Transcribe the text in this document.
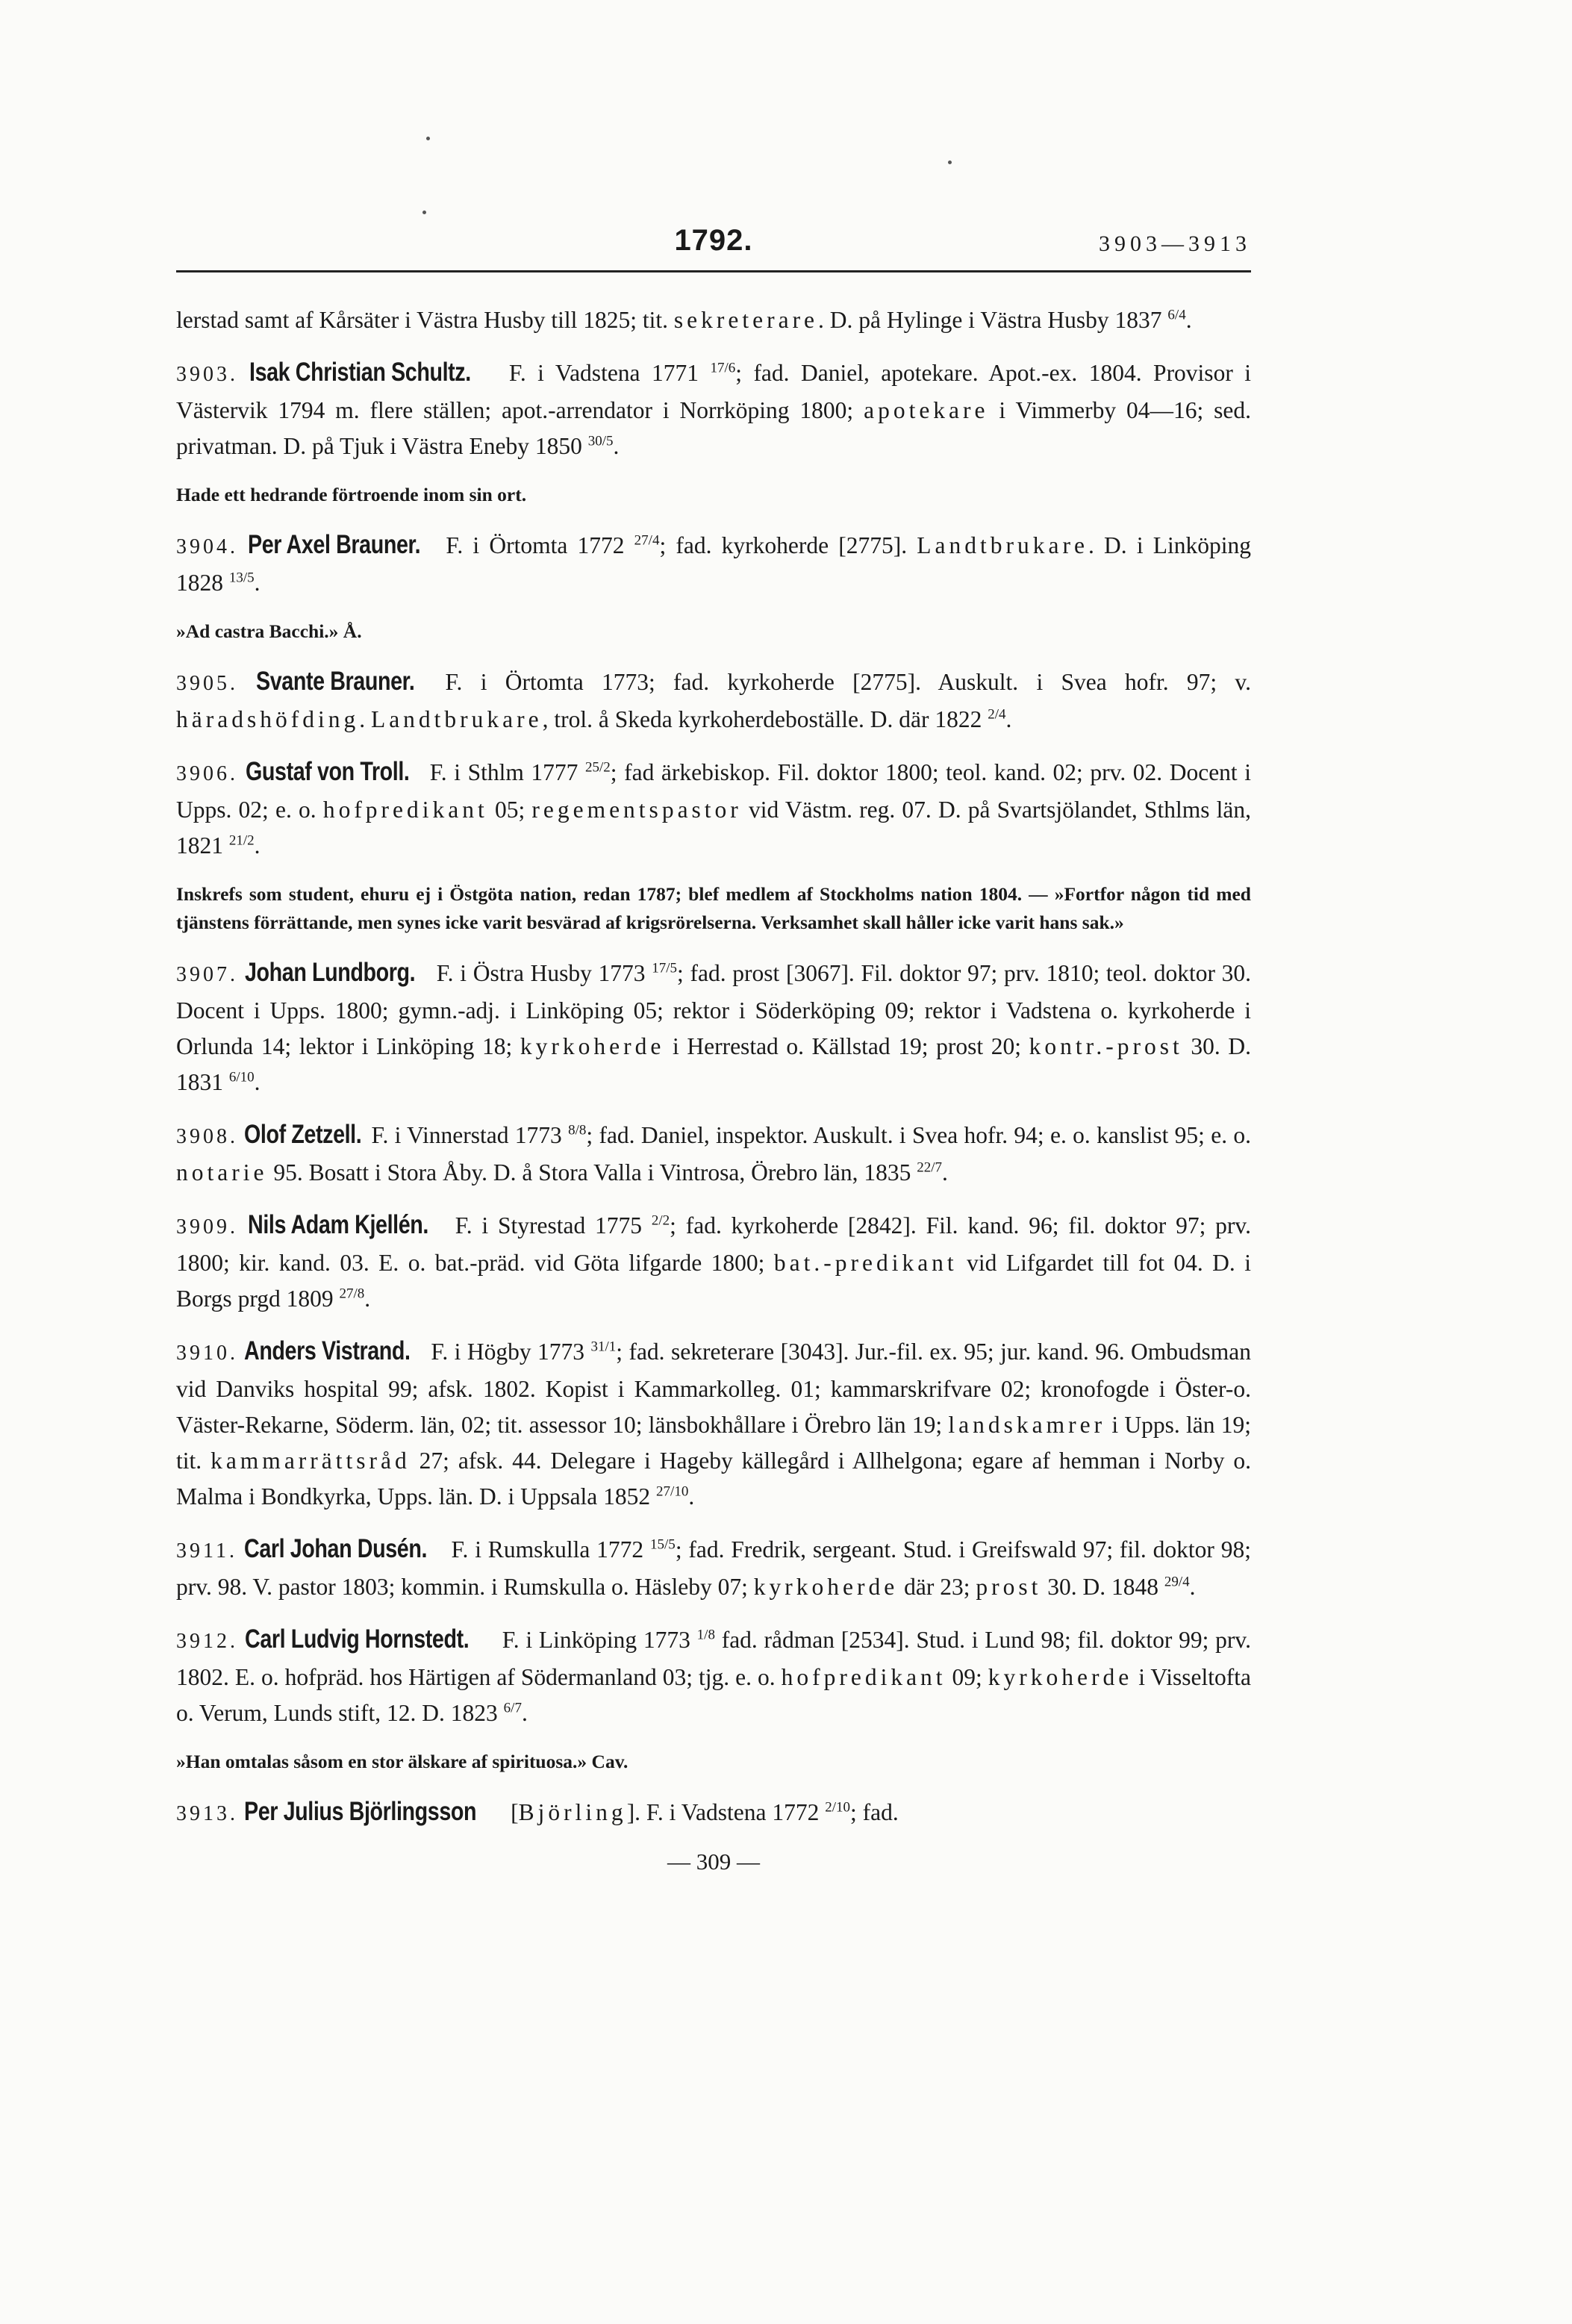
1792.	3903—3913

lerstad samt af Kårsäter i Västra Husby till 1825; tit. sekreterare. D. på Hylinge i Västra Husby 1837 $^{6/4}$.

3903. Isak Christian Schultz. F. i Vadstena 1771 $^{17/6}$; fad. Daniel, apotekare. Apot.-ex. 1804. Provisor i Västervik 1794 m. flere ställen; apot.-arrendator i Norrköping 1800; apotekare i Vimmerby 04—16; sed. privatman. D. på Tjuk i Västra Eneby 1850 $^{30/5}$.

Hade ett hedrande förtroende inom sin ort.

3904. Per Axel Brauner. F. i Örtomta 1772 $^{27/4}$; fad. kyrkoherde [2775]. Landtbrukare. D. i Linköping 1828 $^{13/5}$.

»Ad castra Bacchi.» Å.

3905. Svante Brauner. F. i Örtomta 1773; fad. kyrkoherde [2775]. Auskult. i Svea hofr. 97; v. häradshöfding. Landtbrukare, trol. å Skeda kyrkoherdeboställe. D. där 1822 $^{2/4}$.

3906. Gustaf von Troll. F. i Sthlm 1777 $^{25/2}$; fad ärkebiskop. Fil. doktor 1800; teol. kand. 02; prv. 02. Docent i Upps. 02; e. o. hofpredikant 05; regementspastor vid Västm. reg. 07. D. på Svartsjölandet, Sthlms län, 1821 $^{21/2}$.

Inskrefs som student, ehuru ej i Östgöta nation, redan 1787; blef medlem af Stockholms nation 1804. — »Fortfor någon tid med tjänstens förrättande, men synes icke varit besvärad af krigsrörelserna. Verksamhet skall håller icke varit hans sak.»

3907. Johan Lundborg. F. i Östra Husby 1773 $^{17/5}$; fad. prost [3067]. Fil. doktor 97; prv. 1810; teol. doktor 30. Docent i Upps. 1800; gymn.-adj. i Linköping 05; rektor i Söderköping 09; rektor i Vadstena o. kyrkoherde i Orlunda 14; lektor i Linköping 18; kyrkoherde i Herrestad o. Källstad 19; prost 20; kontr.-prost 30. D. 1831 $^{6/10}$.

3908. Olof Zetzell. F. i Vinnerstad 1773 $^{8/8}$; fad. Daniel, inspektor. Auskult. i Svea hofr. 94; e. o. kanslist 95; e. o. notarie 95. Bosatt i Stora Åby. D. å Stora Valla i Vintrosa, Örebro län, 1835 $^{22/7}$.

3909. Nils Adam Kjellén. F. i Styrestad 1775 $^{2/2}$; fad. kyrkoherde [2842]. Fil. kand. 96; fil. doktor 97; prv. 1800; kir. kand. 03. E. o. bat.-präd. vid Göta lifgarde 1800; bat.-predikant vid Lifgardet till fot 04. D. i Borgs prgd 1809 $^{27/8}$.

3910. Anders Vistrand. F. i Högby 1773 $^{31/1}$; fad. sekreterare [3043]. Jur.-fil. ex. 95; jur. kand. 96. Ombudsman vid Danviks hospital 99; afsk. 1802. Kopist i Kammarkolleg. 01; kammarskrifvare 02; kronofogde i Öster-o. Väster-Rekarne, Söderm. län, 02; tit. assessor 10; länsbokhållare i Örebro län 19; landskamrer i Upps. län 19; tit. kammarrättsråd 27; afsk. 44. Delegare i Hageby källegård i Allhelgona; egare af hemman i Norby o. Malma i Bondkyrka, Upps. län. D. i Uppsala 1852 $^{27/10}$.

3911. Carl Johan Dusén. F. i Rumskulla 1772 $^{15/5}$; fad. Fredrik, sergeant. Stud. i Greifswald 97; fil. doktor 98; prv. 98. V. pastor 1803; kommin. i Rumskulla o. Häsleby 07; kyrkoherde där 23; prost 30. D. 1848 $^{29/4}$.

3912. Carl Ludvig Hornstedt. F. i Linköping 1773 $^{1/8}$ fad. rådman [2534]. Stud. i Lund 98; fil. doktor 99; prv. 1802. E. o. hofpräd. hos Härtigen af Södermanland 03; tjg. e. o. hofpredikant 09; kyrkoherde i Visseltofta o. Verum, Lunds stift, 12. D. 1823 $^{6/7}$.

»Han omtalas såsom en stor älskare af spirituosa.» Cav.

3913. Per Julius Björlingsson [Björling]. F. i Vadstena 1772 $^{2/10}$; fad.

— 309 —
